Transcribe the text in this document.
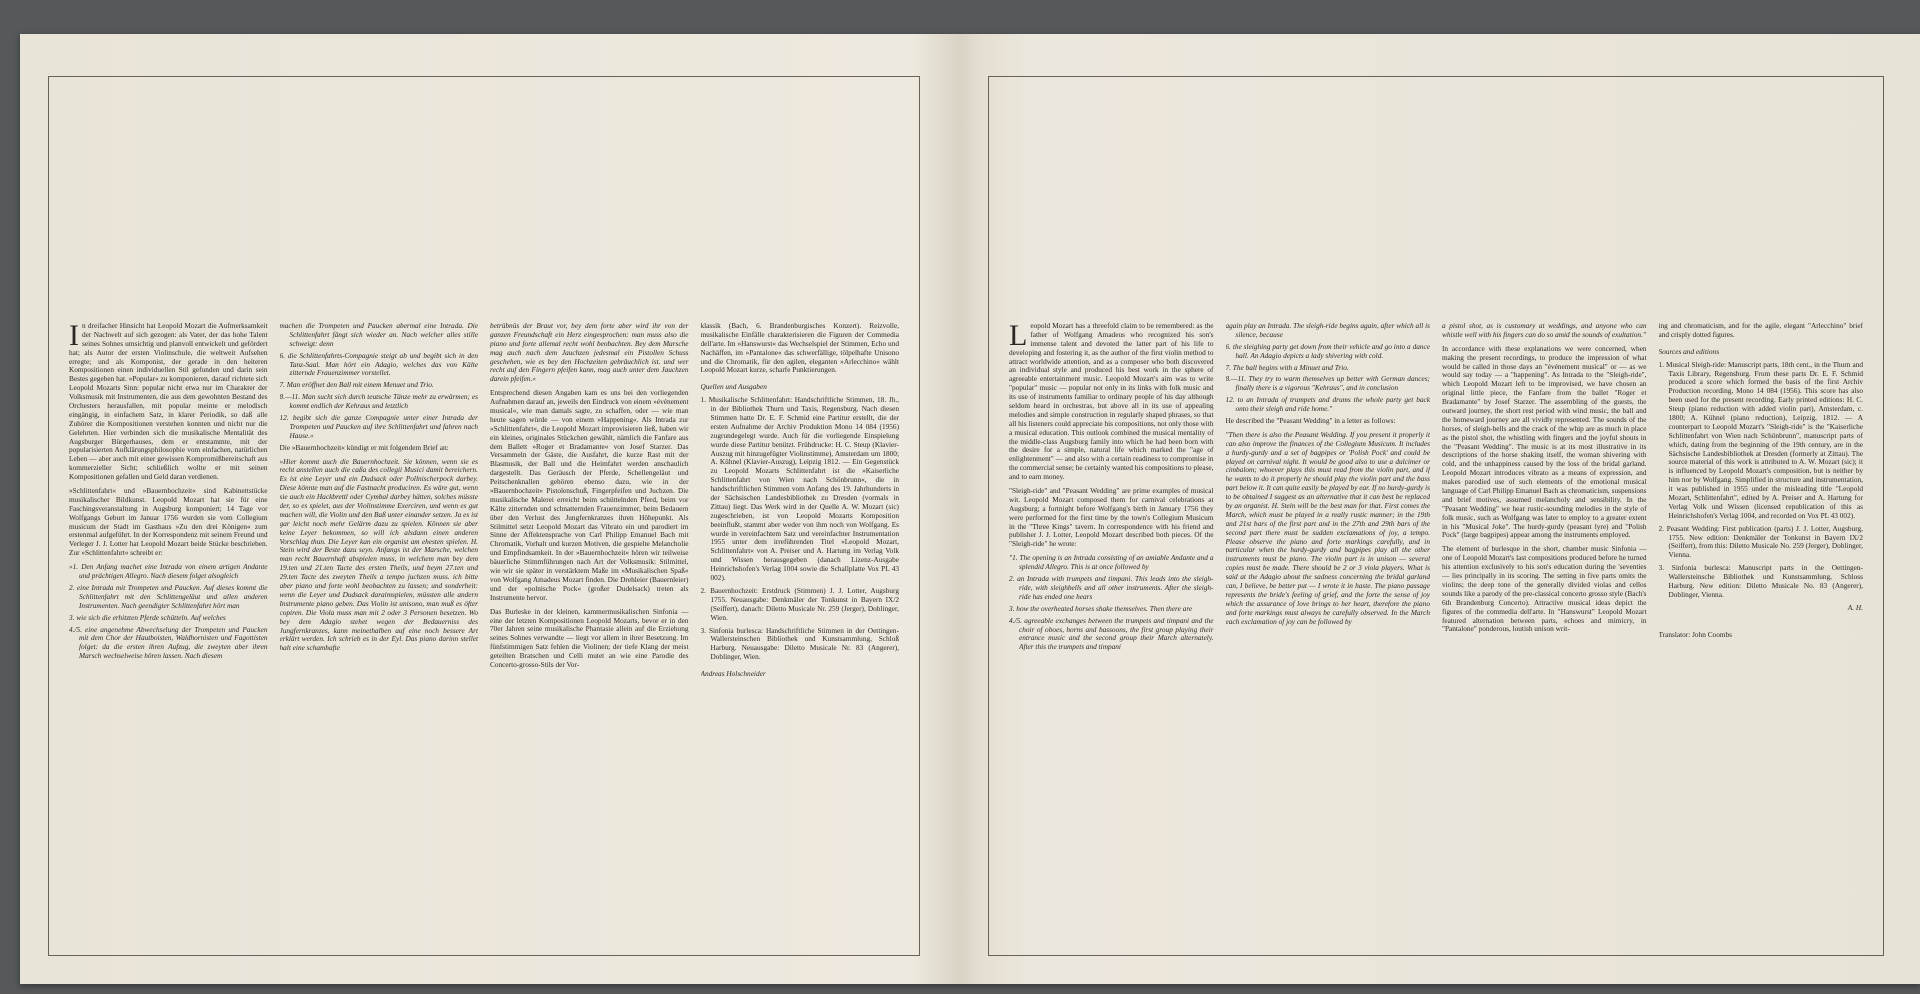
In dreifacher Hinsicht hat Leopold Mozart die Aufmerksamkeit der Nachwelt auf sich gezogen: als Vater, der das hohe Talent seines Sohnes umsichtig und planvoll entwickelt und gefördert hat; als Autor der ersten Violinschule, die weltweit Aufsehen erregte; und als Komponist, der gerade in den heiteren Kompositionen einen individuellen Stil gefunden und darin sein Bestes gegeben hat. »Popular« zu komponieren, darauf richtete sich Leopold Mozarts Sinn: popular nicht etwa nur im Charakter der Volksmusik mit Instrumenten, die aus dem gewohnten Bestand des Orchesters herausfallen, mit popular meinte er melodisch eingängig, in einfachem Satz, in klarer Periodik, so daß alle Zuhörer die Kompositionen verstehen konnten und nicht nur die Gelehrten. Hier verbinden sich die musikalische Mentalität des Augsburger Bürgerhauses, dem er entstammte, mit der popularisierten Aufklärungsphilosophie vom einfachen, natürlichen Leben — aber auch mit einer gewissen Kompromißbereitschaft aus kommerzieller Sicht; schließlich wollte er mit seinen Kompositionen gefallen und Geld daran verdienen.

»Schlittenfahrt« und »Bauernhochzeit« sind Kabinettstücke musikalischer Bildkunst. Leopold Mozart hat sie für eine Faschingsveranstaltung in Augsburg komponiert; 14 Tage vor Wolfgangs Geburt im Januar 1756 wurden sie vom Collegium musicum der Stadt im Gasthaus »Zu den drei Königen« zum erstenmal aufgeführt. In der Korrespondenz mit seinem Freund und Verleger J. J. Lotter hat Leopold Mozart beide Stücke beschrieben. Zur »Schlittenfahrt« schreibt er:

»1. Den Anfang machet eine Intrada von einem artigen Andante und prächtigen Allegro. Nach diesem folget alsogleich
2. eine Intrada mit Trompeten und Paucken. Auf dieses kommt die Schlittenfahrt mit den Schlittengeläut und allen anderen Instrumenten. Nach geendigter Schlittenfahrt hört man
3. wie sich die erhitzten Pferde schütteln. Auf welches
4./5. eine angenehme Abwechselung der Trompeten und Paucken mit dem Chor der Hautboisten, Waldhornisten und Fagottisten folget: da die ersten ihren Aufzug, die zweyten aber ihren Marsch wechselweise hören lassen. Nach diesem
machen die Trompeten und Paucken abermal eine Intrada. Die Schlittenfahrt fängt sich wieder an. Nach welcher alles stille schweigt: denn
6. die Schlittenfahrts-Compagnie steigt ab und begibt sich in den Tanz-Saal. Man hört ein Adagio, welches das von Kälte zitternde Frauenzimmer vorstellet.
7. Man eröffnet den Ball mit einem Menuet und Trio.
8.—11. Man sucht sich durch teutsche Tänze mehr zu erwärmen; es kommt endlich der Kehraus und letztlich
12. begibt sich die ganze Compagnie unter einer Intrada der Trompeten und Paucken auf ihre Schlittenfahrt und fahren nach Hause.«

Die »Bauernhochzeit« kündigt er mit folgendem Brief an:

»Hier kommt auch die Bauernhochzeit. Sie können, wenn sie es recht anstellen auch die caßa des collegii Musici damit bereichern. Es ist eine Leyer und ein Dudsack oder Pollnischerpock darbey. Diese könnte man auf die Fastnacht produciren. Es wäre gut, wenn sie auch ein Hackbrettl oder Cymbal darbey hätten, solches müsste der, so es spielet, aus der Violinstimme Exerciren, und wenn es gut machen will, die Violin und den Baß unter einander setzen. Ja es ist gar leicht noch mehr Gelärm dazu zu spielen. Können sie aber keine Leyer bekommen, so will ich alsdann einen anderen Vorschlag thun. Die Leyer kan ein organist am ehesten spielen. H. Stein wird der Beste dazu seyn. Anfangs ist der Marsche, welchen man recht Bauernhaft abspielen muss, in welchem man bey dem 19.ten und 21.ten Tacte des ersten Theils, und beym 27.ten und 29.ten Tacte des zweyten Theils a tempo juchzen muss. ich bitte aber piano und forte wohl beobachten zu lassen; und sonderheit: wenn die Leyer und Dudsack daraimspielen, müssten alle andern Instrumente piano geben. Das Violin ist unisono, man muß es öfter copiren. Die Viola muss man mit 2 oder 3 Personen besetzen. Wo bey dem Adagio stehet wegen der Bedauerniss des Jungfernkranzes, kann meinethalben auf eine noch bessere Art erklärt werden. Ich schrieb es in der Eyl. Das piano darinn stellet halt eine schamhafte

betrübnüs der Braut vor, bey dem forte aber wird ihr von der ganzen Freundschaft ein Herz eingesprochen: man muss also die piano und forte allemal recht wohl beobachten. Bey dem Marsche mag auch nach dem Jauchzen jedesmal ein Pistollen Schuss geschehen, wie es bey den Hochzeiten gebräuchlich ist. und wer recht auf den Fingern pfeifen kann, mag auch unter dem Jauchzen darein pfeifen.«

Entsprechend diesen Angaben kam es uns bei den vorliegenden Aufnahmen darauf an, jeweils den Eindruck von einem »événement musical«, wie man damals sagte, zu schaffen, oder — wie man heute sagen würde — von einem »Happening«. Als Intrada zur »Schlittenfahrt«, die Leopold Mozart improvisieren ließ, haben wir ein kleines, originales Stückchen gewählt, nämlich die Fanfare aus dem Ballett »Roger et Bradamante« von Josef Starzer. Das Versammeln der Gäste, die Ausfahrt, die kurze Rast mit der Blasmusik, der Ball und die Heimfahrt werden anschaulich dargestellt. Das Geräusch der Pferde, Schellengeläut und Peitschenknallen gehören ebenso dazu, wie in der »Bauernhochzeit« Pistolenschuß, Fingerpfeifen und Juchzen. Die musikalische Malerei erreicht beim schüttelnden Pferd, beim vor Kälte zitternden und schnatternden Frauenzimmer, beim Bedauern über den Verlust des Jungfernkranzes ihren Höhepunkt. Als Stilmittel setzt Leopold Mozart das Vibrato ein und parodiert im Sinne der Affektensprache von Carl Philipp Emanuel Bach mit Chromatik, Vorhalt und kurzen Motiven, die gespielte Melancholie und Empfindsamkeit. In der »Bauernhochzeit« hören wir teilweise bäuerliche Stimmführungen nach Art der Volksmusik: Stilmittel, wie wir sie später in verstärktem Maße im »Musikalischen Spaß« von Wolfgang Amadeus Mozart finden. Die Drehleier (Bauernleier) und der »polnische Pock« (großer Dudelsack) treten als Instrumente hervor.

Das Burleske in der kleinen, kammermusikalischen Sinfonia — eine der letzten Kompositionen Leopold Mozarts, bevor er in den 70er Jahren seine musikalische Phantasie allein auf die Erziehung seines Sohnes verwandte — liegt vor allem in ihrer Besetzung. Im fünfstimmigen Satz fehlen die Violinen; der tiefe Klang der meist geteilten Bratschen und Celli mutet an wie eine Parodie des Concerto-grosso-Stils der Vor-

klassik (Bach, 6. Brandenburgisches Konzert). Reizvolle, musikalische Einfälle charakterisieren die Figuren der Commedia dell'arte. Im »Hanswurst« das Wechselspiel der Stimmen, Echo und Nachäffen, im »Pantalone« das schwerfällige, tölpelhafte Unisono und die Chromatik, für den agilen, eleganten »Arlecchino« wählt Leopold Mozart kurze, scharfe Punktierungen.

Quellen und Ausgaben
1. Musikalische Schlittenfahrt: Handschriftliche Stimmen, 18. Jh., in der Bibliothek Thurn und Taxis, Regensburg. Nach diesen Stimmen hatte Dr. E. F. Schmid eine Partitur erstellt, die der ersten Aufnahme der Archiv Produktion Mono 14 084 (1956) zugrundegelegt wurde. Auch für die vorliegende Einspielung wurde diese Partitur benützt. Frühdrucke: H. C. Steup (Klavier-Auszug mit hinzugefügter Violinstimme), Amsterdam um 1800; A. Kühnel (Klavier-Auszug), Leipzig 1812. — Ein Gegenstück zu Leopold Mozarts Schlittenfahrt ist die »Kaiserliche Schlittenfahrt von Wien nach Schönbrunn«, die in handschriftlichen Stimmen vom Anfang des 19. Jahrhunderts in der Sächsischen Landesbibliothek zu Dresden (vormals in Zittau) liegt. Das Werk wird in der Quelle A. W. Mozart (sic) zugeschrieben, ist von Leopold Mozarts Komposition beeinflußt, stammt aber weder von ihm noch von Wolfgang. Es wurde in vereinfachtem Satz und vereinfachter Instrumentation 1955 unter dem irreführenden Titel »Leopold Mozart, Schlittenfahrt« von A. Preiser und A. Hartung im Verlag Volk und Wissen herausgegeben (danach Lizenz-Ausgabe Heinrichshofen's Verlag 1004 sowie die Schallplatte Vox PL 43 002).
2. Bauernhochzeit: Erstdruck (Stimmen) J. J. Lotter, Augsburg 1755. Neuausgabe: Denkmäler der Tonkunst in Bayern IX/2 (Seiffert), danach: Diletto Musicale Nr. 259 (Jerger), Doblinger, Wien.
3. Sinfonia burlesca: Handschriftliche Stimmen in der Oettingen-Wallersteinschen Bibliothek und Kunstsammlung, Schloß Harburg. Neuausgabe: Diletto Musicale Nr. 83 (Angerer), Doblinger, Wien.
Andreas Holschneider

Leopold Mozart has a threefold claim to be remembered: as the father of Wolfgang Amadeus who recognized his son's immense talent and devoted the latter part of his life to developing and fostering it, as the author of the first violin method to attract worldwide attention, and as a composer who both discovered an individual style and produced his best work in the sphere of agreeable entertainment music. Leopold Mozart's aim was to write "popular" music — popular not only in its links with folk music and its use of instruments familiar to ordinary people of his day although seldom heard in orchestras, but above all in its use of appealing melodies and simple construction in regularly shaped phrases, so that all his listeners could appreciate his compositions, not only those with a musical education. This outlook combined the musical mentality of the middle-class Augsburg family into which he had been born with the desire for a simple, natural life which marked the "age of enlightenment" — and also with a certain readiness to compromise in the commercial sense; he certainly wanted his compositions to please, and to earn money.

"Sleigh-ride" and "Peasant Wedding" are prime examples of musical wit. Leopold Mozart composed them for carnival celebrations at Augsburg; a fortnight before Wolfgang's birth in January 1756 they were performed for the first time by the town's Collegium Musicum in the "Three Kings" tavern. In correspondence with his friend and publisher J. J. Lotter, Leopold Mozart described both pieces. Of the "Sleigh-ride" he wrote:

"1. The opening is an Intrada consisting of an amiable Andante and a splendid Allegro. This is at once followed by
2. an Intrada with trumpets and timpani. This leads into the sleigh-ride, with sleighbells and all other instruments. After the sleigh-ride has ended one hears
3. how the overheated horses shake themselves. Then there are
4./5. agreeable exchanges between the trumpets and timpani and the choir of oboes, horns and bassoons, the first group playing their entrance music and the second group their March alternately. After this the trumpets and timpani
again play an Intrada. The sleigh-ride begins again, after which all is silence, because
6. the sleighing party get down from their vehicle and go into a dance hall. An Adagio depicts a lady shivering with cold.
7. The ball begins with a Minuet and Trio.
8.—11. They try to warm themselves up better with German dances; finally there is a vigorous "Kehraus", and in conclusion
12. to an Intrada of trumpets and drums the whole party get back onto their sleigh and ride home."

He described the "Peasant Wedding" in a letter as follows:

"Then there is also the Peasant Wedding. If you present it properly it can also improve the finances of the Collegium Musicum. It includes a hurdy-gurdy and a set of bagpipes or 'Polish Pock' and could be played on carnival night. It would be good also to use a dulcimer or cimbalom; whoever plays this must read from the violin part, and if he wants to do it properly he should play the violin part and the bass part below it. It can quite easily be played by ear. If no hurdy-gurdy is to be obtained I suggest as an alternative that it can best be replaced by an organist. H. Stein will be the best man for that. First comes the March, which must be played in a really rustic manner; in the 19th and 21st bars of the first part and in the 27th and 29th bars of the second part there must be sudden exclamations of joy, a tempo. Please observe the piano and forte markings carefully, and in particular when the hurdy-gurdy and bagpipes play all the other instruments must be piano. The violin part is in unison — several copies must be made. There should be 2 or 3 viola players. What is said at the Adagio about the sadness concerning the bridal garland can, I believe, be better put — I wrote it in haste. The piano passage represents the bride's feeling of grief, and the forte the sense of joy which the assurance of love brings to her heart, therefore the piano and forte markings must always be carefully observed. In the March each exclamation of joy can be followed by

a pistol shot, as is customary at weddings, and anyone who can whistle well with his fingers can do so amid the sounds of exultation."

In accordance with these explanations we were concerned, when making the present recordings, to produce the impression of what would be called in those days an "événement musical" or — as we would say today — a "happening". As Intrada to the "Sleigh-ride", which Leopold Mozart left to be improvised, we have chosen an original little piece, the Fanfare from the ballet "Roger et Bradamante" by Josef Starzer. The assembling of the guests, the outward journey, the short rest period with wind music, the ball and the homeward journey are all vividly represented. The sounds of the horses, of sleigh-bells and the crack of the whip are as much in place as the pistol shot, the whistling with fingers and the joyful shouts in the "Peasant Wedding". The music is at its most illustrative in its descriptions of the horse shaking itself, the woman shivering with cold, and the unhappiness caused by the loss of the bridal garland. Leopold Mozart introduces vibrato as a means of expression, and makes parodied use of such elements of the emotional musical language of Carl Philipp Emanuel Bach as chromaticism, suspensions and brief motives, assumed melancholy and sensibility. In the "Peasant Wedding" we hear rustic-sounding melodies in the style of folk music, such as Wolfgang was later to employ to a greater extent in his "Musical Joke". The hurdy-gurdy (peasant lyre) and "Polish Pock" (large bagpipes) appear among the instruments employed.

The element of burlesque in the short, chamber music Sinfonia — one of Leopold Mozart's last compositions produced before he turned his attention exclusively to his son's education during the 'seventies — lies principally in its scoring. The setting in five parts omits the violins; the deep tone of the generally divided violas and cellos sounds like a parody of the pre-classical concerto grosso style (Bach's 6th Brandenburg Concerto). Attractive musical ideas depict the figures of the commedia dell'arte. In "Hanswurst" Leopold Mozart featured alternation between parts, echoes and mimicry, in "Pantalone" ponderous, loutish unison writ-

ing and chromaticism, and for the agile, elegant "Arlecchino" brief and crisply dotted figures.

Sources and editions
1. Musical Sleigh-ride: Manuscript parts, 18th cent., in the Thurn and Taxis Library, Regensburg. From these parts Dr. E. F. Schmid produced a score which formed the basis of the first Archiv Production recording, Mono 14 084 (1956). This score has also been used for the present recording. Early printed editions: H. C. Steup (piano reduction with added violin part), Amsterdam, c. 1800; A. Kühnel (piano reduction), Leipzig, 1812. — A counterpart to Leopold Mozart's "Sleigh-ride" is the "Kaiserliche Schlittenfahrt von Wien nach Schönbrunn", manuscript parts of which, dating from the beginning of the 19th century, are in the Sächsische Landesbibliothek at Dresden (formerly at Zittau). The source material of this work is attributed to A. W. Mozart (sic); it is influenced by Leopold Mozart's composition, but is neither by him nor by Wolfgang. Simplified in structure and instrumentation, it was published in 1955 under the misleading title "Leopold Mozart, Schlittenfahrt", edited by A. Preiser and A. Hartung for Verlag Volk und Wissen (licensed republication of this as Heinrichshofen's Verlag 1004, and recorded on Vox PL 43 002).
2. Peasant Wedding: First publication (parts) J. J. Lotter, Augsburg, 1755. New edition: Denkmäler der Tonkunst in Bayern IX/2 (Seiffert), from this: Diletto Musicale No. 259 (Jerger), Doblinger, Vienna.
3. Sinfonia burlesca: Manuscript parts in the Oettingen-Wallersteinsche Bibliothek und Kunstsammlung, Schloss Harburg. New edition: Diletto Musicale No. 83 (Angerer), Doblinger, Vienna.
A. H.
Translator: John Coombs
